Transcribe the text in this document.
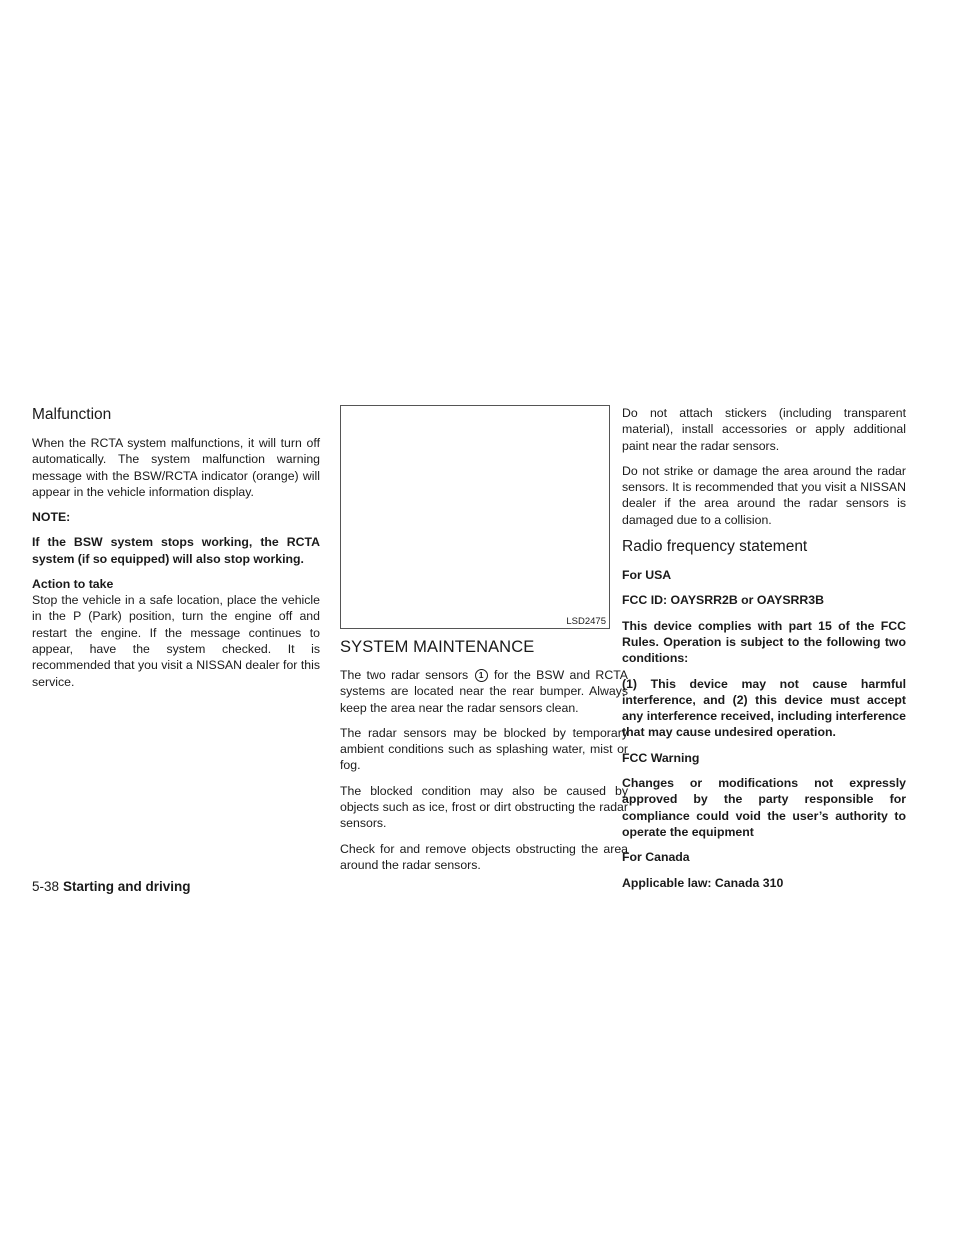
Malfunction

When the RCTA system malfunctions, it will turn off automatically. The system malfunction warning message with the BSW/RCTA indicator (orange) will appear in the vehicle information display.

NOTE:

If the BSW system stops working, the RCTA system (if so equipped) will also stop working.

Action to take

Stop the vehicle in a safe location, place the vehicle in the P (Park) position, turn the engine off and restart the engine. If the message continues to appear, have the system checked. It is recommended that you visit a NISSAN dealer for this service.

LSD2475
SYSTEM MAINTENANCE

The two radar sensors 1 for the BSW and RCTA systems are located near the rear bumper. Always keep the area near the radar sensors clean.

The radar sensors may be blocked by temporary ambient conditions such as splashing water, mist or fog.

The blocked condition may also be caused by objects such as ice, frost or dirt obstructing the radar sensors.

Check for and remove objects obstructing the area around the radar sensors.

Do not attach stickers (including transparent material), install accessories or apply additional paint near the radar sensors.

Do not strike or damage the area around the radar sensors. It is recommended that you visit a NISSAN dealer if the area around the radar sensors is damaged due to a collision.

Radio frequency statement

For USA

FCC ID: OAYSRR2B or OAYSRR3B

This device complies with part 15 of the FCC Rules. Operation is subject to the following two conditions:

(1) This device may not cause harmful interference, and (2) this device must accept any interference received, including interference that may cause undesired operation.

FCC Warning

Changes or modifications not expressly approved by the party responsible for compliance could void the user’s authority to operate the equipment

For Canada

Applicable law: Canada 310

5-38 Starting and driving
